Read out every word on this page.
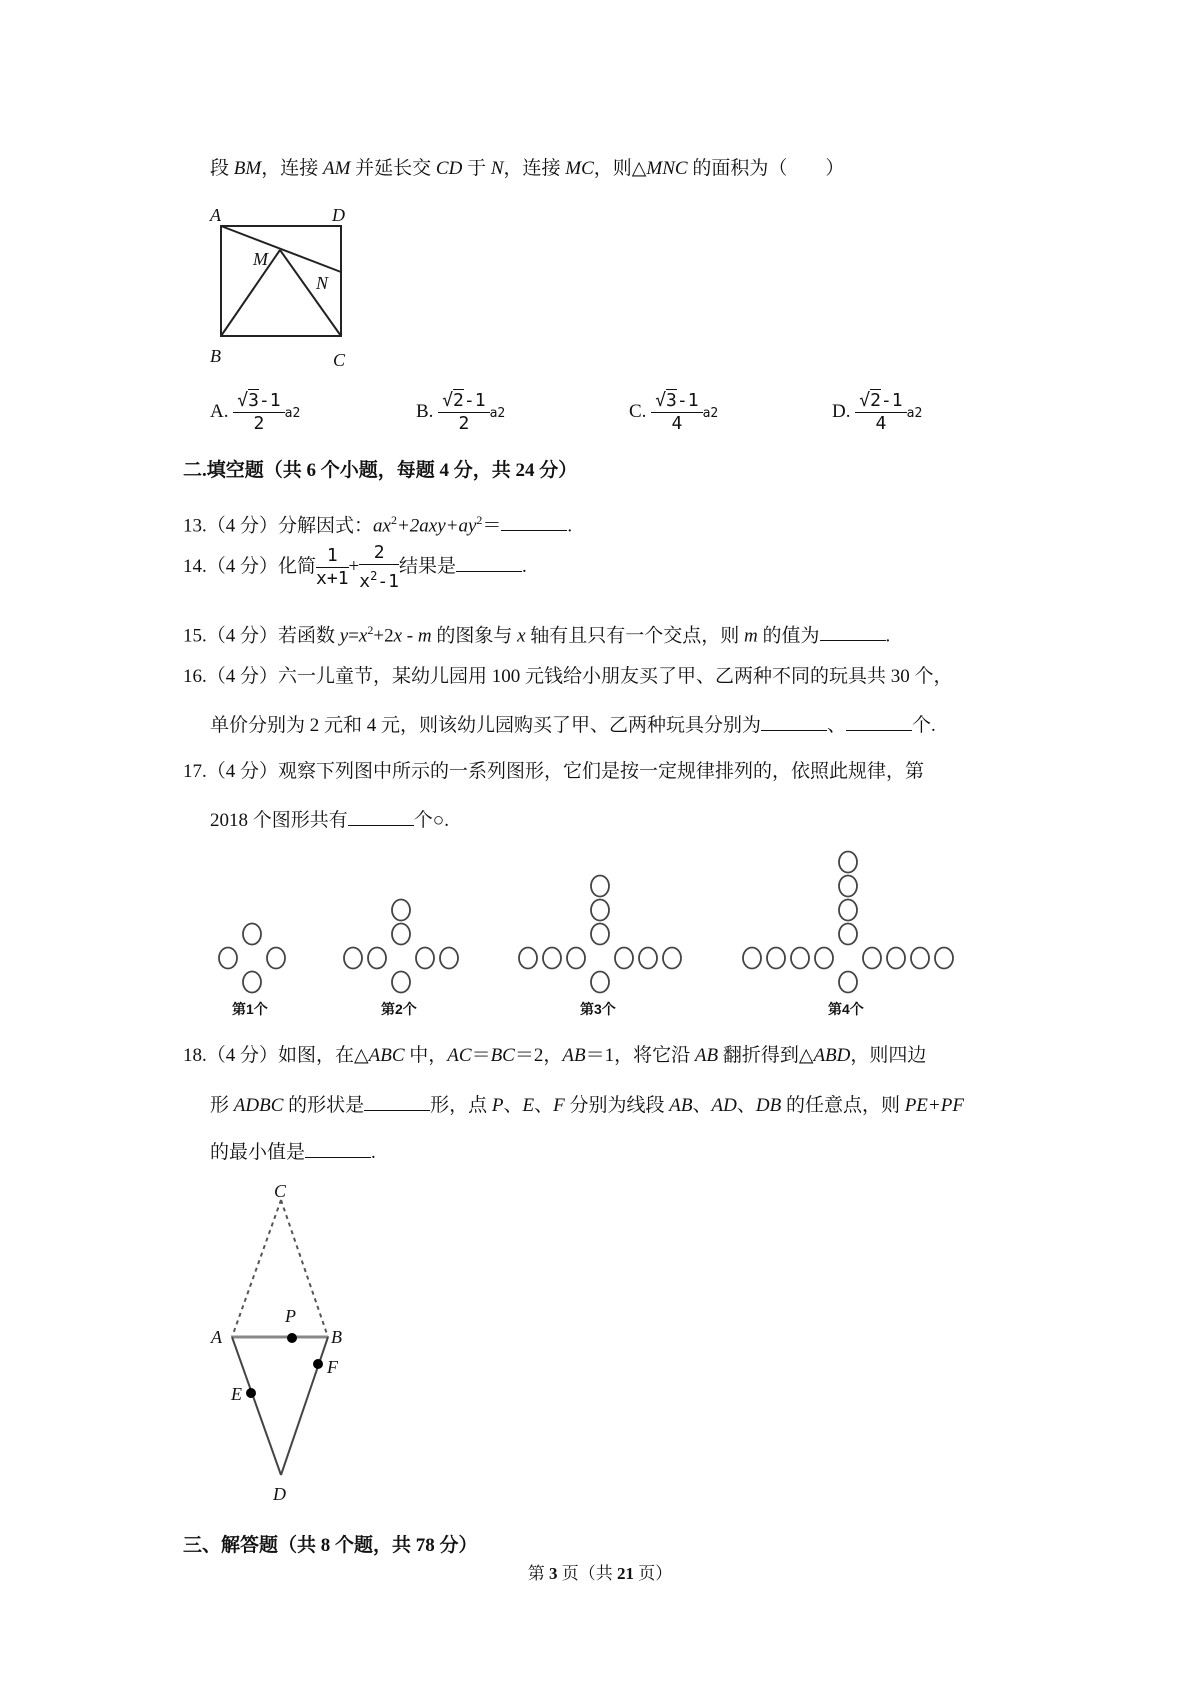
段 BM，连接 AM 并延长交 CD 于 N，连接 MC，则△MNC 的面积为（　　）
A	D
M
N
B	C
C
A
P
B
F
E
D
A. $\frac{√3-1}{2} a2$	B. $\frac{√2-1}{2} a2$	C. $\frac{√3-1}{4} a2$	D. $\frac{√2-1}{4} a2$
二.填空题（共 6 个小题，每题 4 分，共 24 分）
13.（4 分）分解因式：$ax^2+2axy+ay^2=$	.
14.（4 分）化简 $\frac{1}{x+1} + \frac{2}{x^2-1}$ 结果是	.
15.（4 分）若函数 $y=x^2+2x - m$ 的图象与 x 轴有且只有一个交点，则 m 的值为	.
16.（4 分）六一儿童节，某幼儿园用 100 元钱给小朋友买了甲、乙两种不同的玩具共 30 个，
单价分别为 2 元和 4 元，则该幼儿园购买了甲、乙两种玩具分别为	、	个.
17.（4 分）观察下列图中所示的一系列图形，它们是按一定规律排列的，依照此规律，第
2018 个图形共有	个○.
第1个	第2个	第3个	第4个
18.（4 分）如图，在△ABC 中，AC＝BC＝2，AB＝1，将它沿 AB 翻折得到△ABD，则四边
形 ADBC 的形状是	形，点 P、E、F 分别为线段 AB、AD、DB 的任意点，则 PE+PF
的最小值是	.
三、解答题（共 8 个题，共 78 分）
第 3 页（共 21 页）
